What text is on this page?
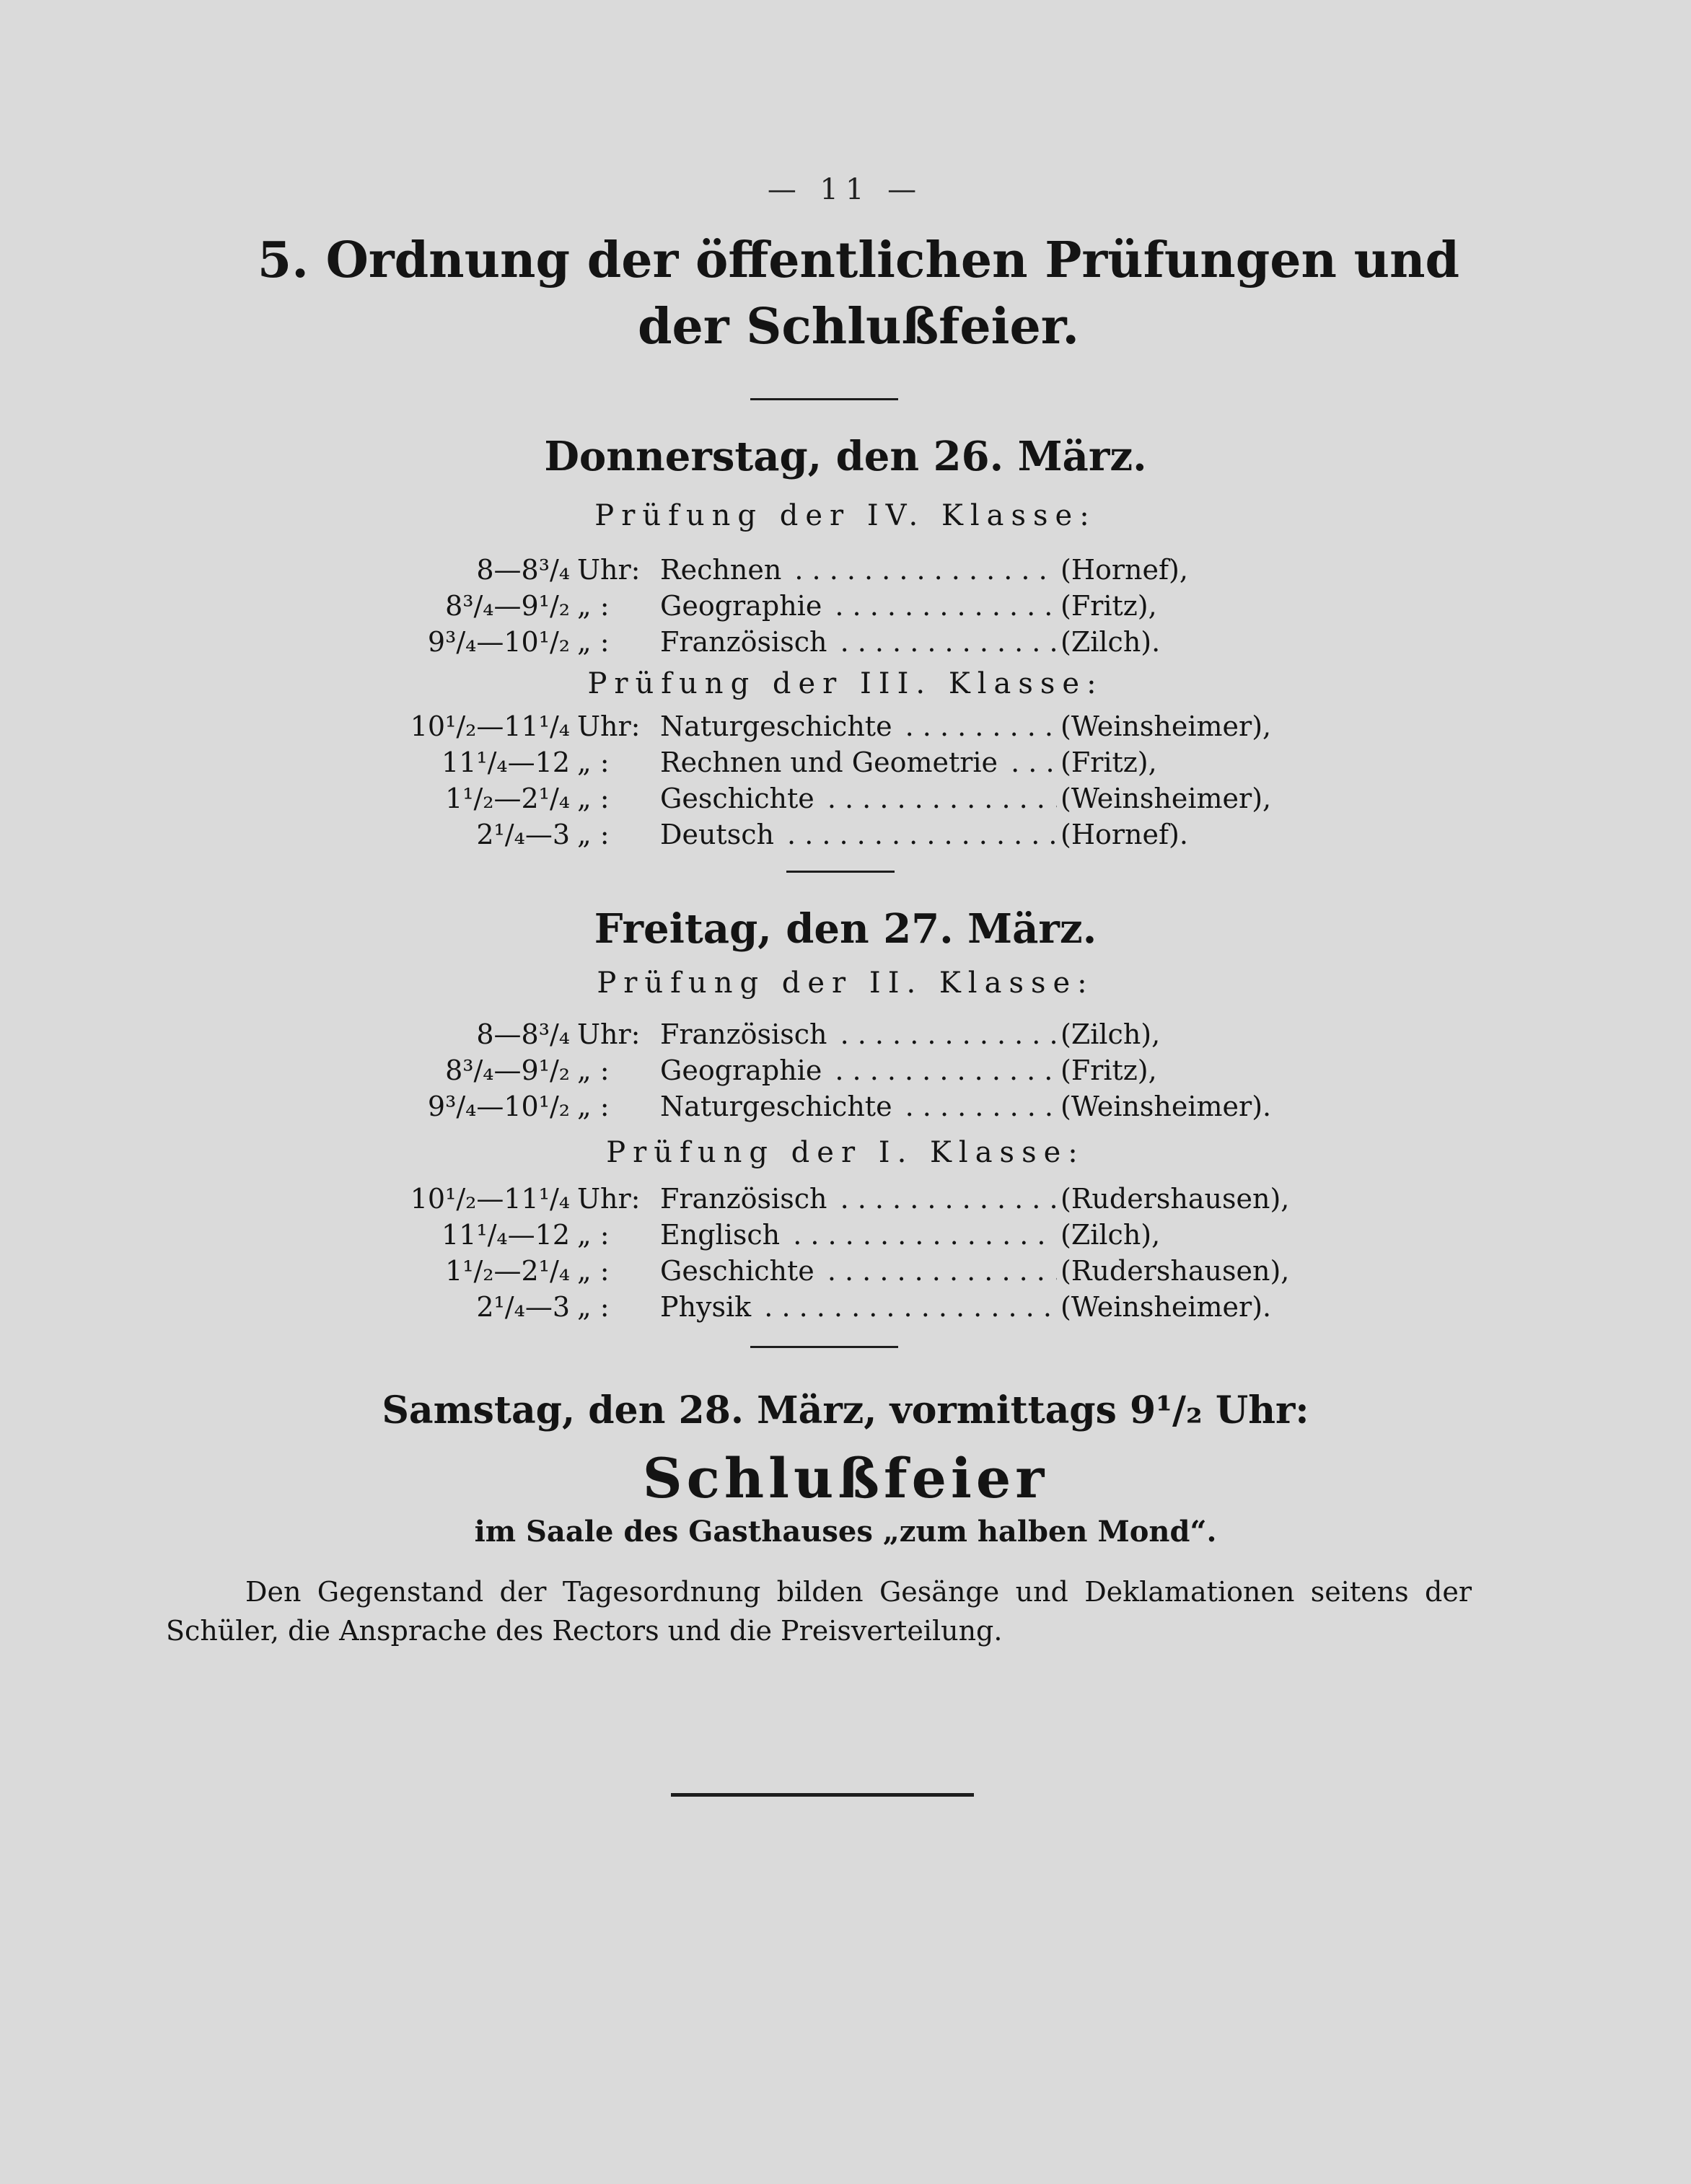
— 11 —
5. Ordnung der öffentlichen Prüfungen und der Schlußfeier.
Donnerstag, den 26. März.
Prüfung der IV. Klasse:
8—8³/₄ Uhr: Rechnen . . .	(Hornef),
8³/₄—9¹/₂ „ :	Geographie . . .	(Fritz),
9³/₄—10¹/₂ „ :	Französisch . . .	(Zilch).
Prüfung der III. Klasse:
10¹/₂—11¹/₄ Uhr: Naturgeschichte . . .	(Weinsheimer),
11¹/₄—12 „ :	Rechnen und Geometrie . . .	(Fritz),
1¹/₂—2¹/₄ „ :	Geschichte . . .	(Weinsheimer),
2¹/₄—3 „ :	Deutsch . . .	(Hornef).
Freitag, den 27. März.
Prüfung der II. Klasse:
8—8³/₄ Uhr: Französisch . . .	(Zilch),
8³/₄—9¹/₂ „ :	Geographie . . .	(Fritz),
9³/₄—10¹/₂ „ :	Naturgeschichte . . .	(Weinsheimer).
Prüfung der I. Klasse:
10¹/₂—11¹/₄ Uhr: Französisch . . .	(Rudershausen),
11¹/₄—12 „ :	Englisch . . .	(Zilch),
1¹/₂—2¹/₄ „ :	Geschichte . . .	(Rudershausen),
2¹/₄—3 „ :	Physik . . .	(Weinsheimer).
Samstag, den 28. März, vormittags 9¹/₂ Uhr:
Schlußfeier
im Saale des Gasthauses „zum halben Mond“.
Den Gegenstand der Tagesordnung bilden Gesänge und Deklamationen seitens der Schüler, die Ansprache des Rectors und die Preisverteilung.
